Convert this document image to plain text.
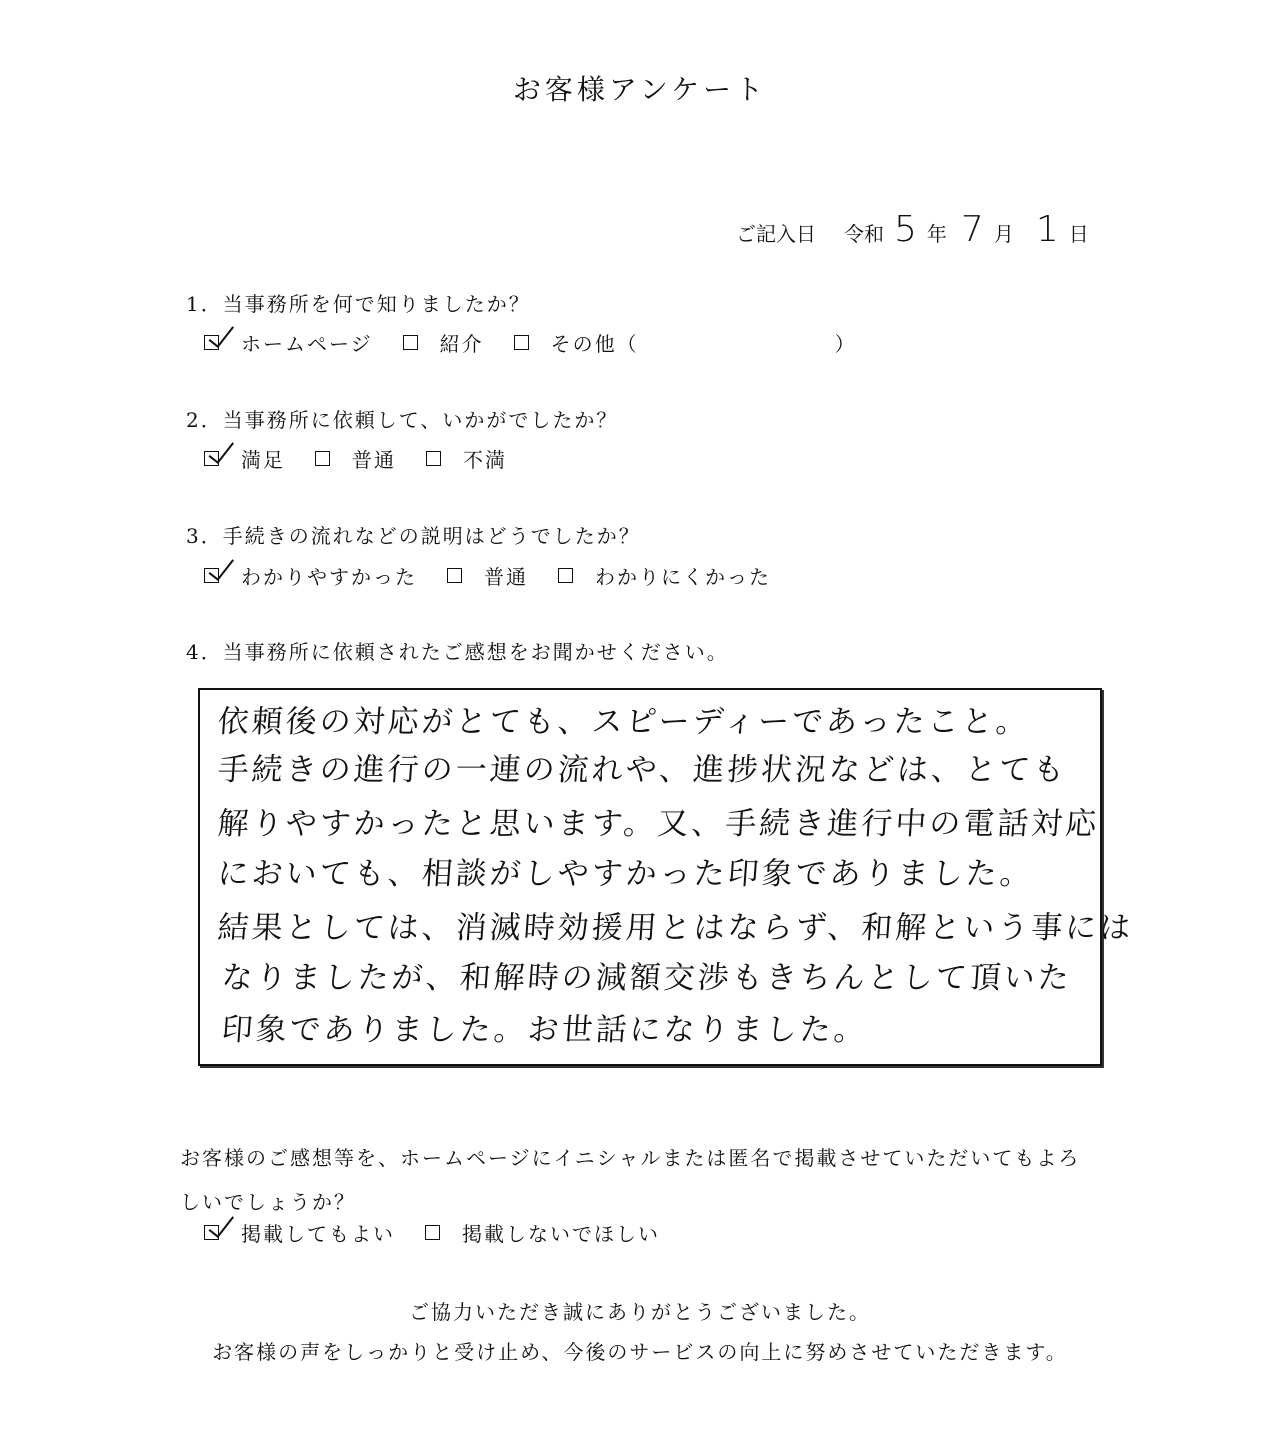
お客様アンケート
ご記入日 令和 5 年 7 月 1 日
1．当事務所を何で知りましたか？
ホームページ	紹介	その他（	）
2．当事務所に依頼して、いかがでしたか？
満足	普通	不満
3．手続きの流れなどの説明はどうでしたか？
わかりやすかった	普通	わかりにくかった
4．当事務所に依頼されたご感想をお聞かせください。
依頼後の対応がとても、スピーディーであったこと。
手続きの進行の一連の流れや、進捗状況などは、とても
解りやすかったと思います。又、手続き進行中の電話対応
においても、相談がしやすかった印象でありました。
結果としては、消滅時効援用とはならず、和解という事には
なりましたが、和解時の減額交渉もきちんとして頂いた
印象でありました。お世話になりました。
お客様のご感想等を、ホームページにイニシャルまたは匿名で掲載させていただいてもよろしいでしょうか？
掲載してもよい	掲載しないでほしい
ご協力いただき誠にありがとうございました。
お客様の声をしっかりと受け止め、今後のサービスの向上に努めさせていただきます。
